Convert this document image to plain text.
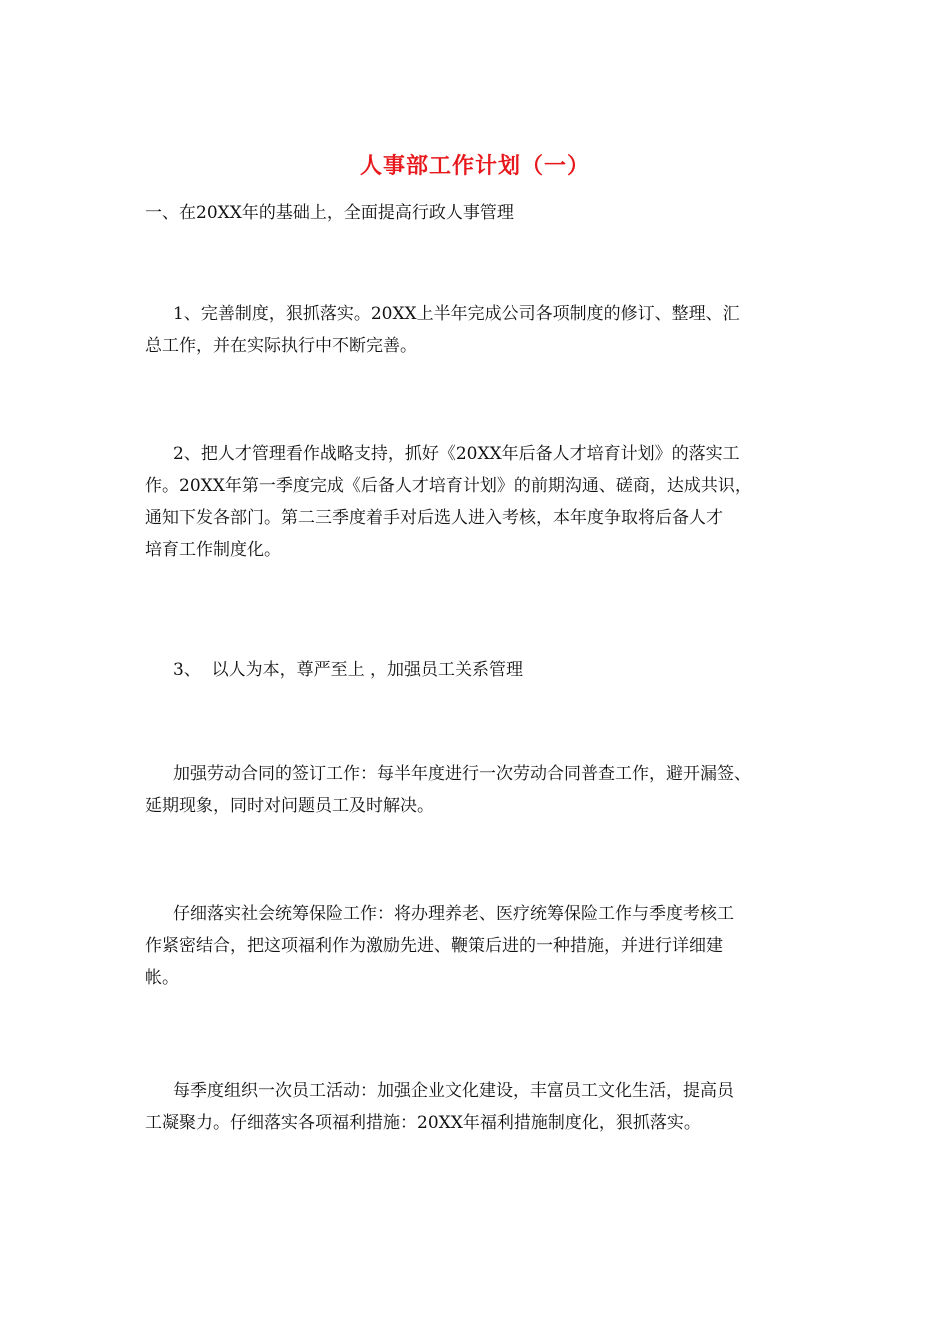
人事部工作计划（一）
一、在20XX年的基础上，全面提高行政人事管理
1、完善制度，狠抓落实。20XX上半年完成公司各项制度的修订、整理、汇
总工作，并在实际执行中不断完善。
2、把人才管理看作战略支持，抓好《20XX年后备人才培育计划》的落实工
作。20XX年第一季度完成《后备人才培育计划》的前期沟通、磋商，达成共识，
通知下发各部门。第二三季度着手对后选人进入考核，本年度争取将后备人才
培育工作制度化。
3、  以人为本，尊严至上 ，加强员工关系管理
加强劳动合同的签订工作：每半年度进行一次劳动合同普查工作，避开漏签、
延期现象，同时对问题员工及时解决。
仔细落实社会统筹保险工作：将办理养老、医疗统筹保险工作与季度考核工
作紧密结合，把这项福利作为激励先进、鞭策后进的一种措施，并进行详细建
帐。
每季度组织一次员工活动：加强企业文化建设，丰富员工文化生活，提高员
工凝聚力。仔细落实各项福利措施：20XX年福利措施制度化，狠抓落实。
